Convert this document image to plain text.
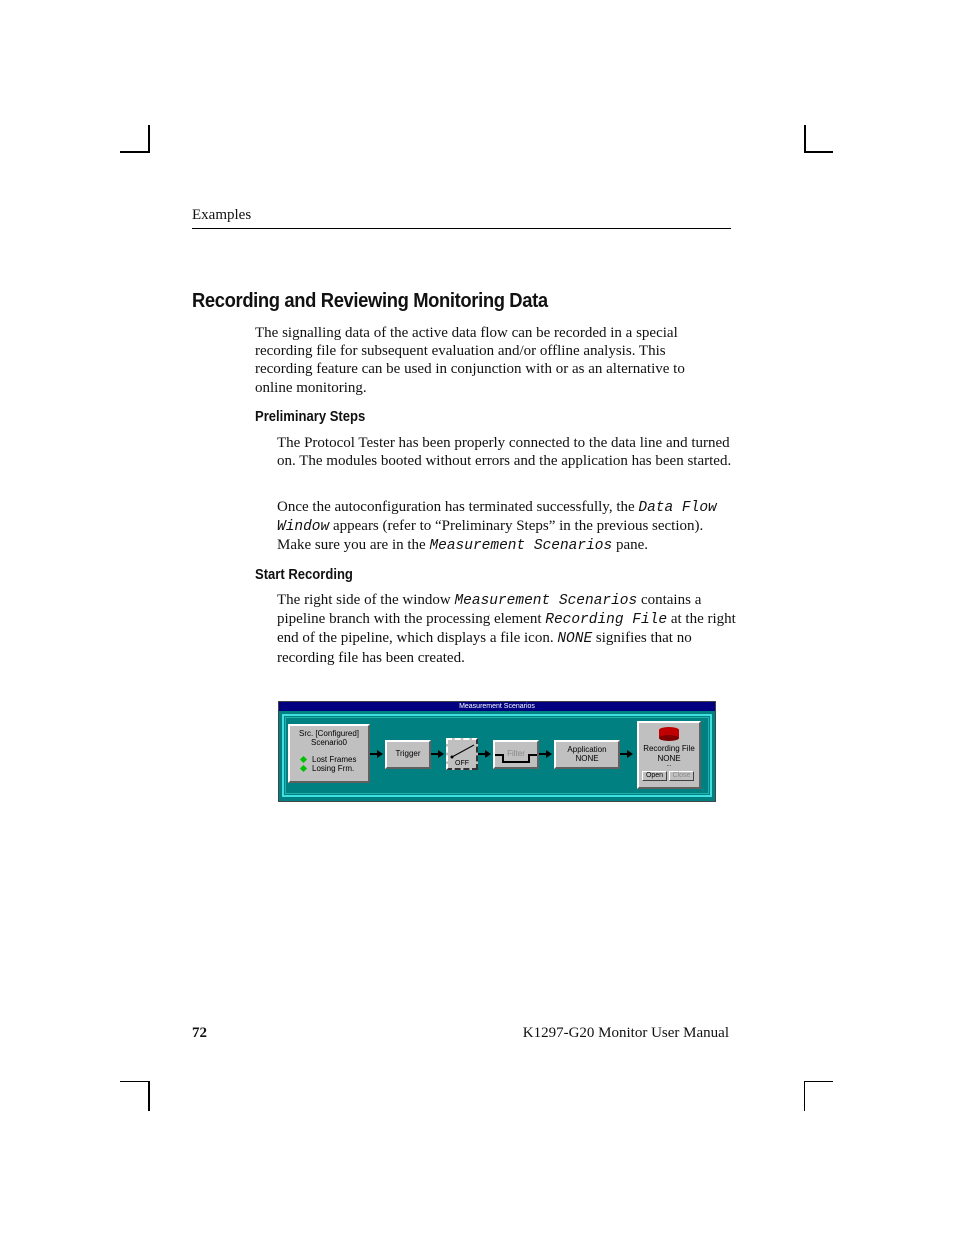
Examples
Recording and Reviewing Monitoring Data

The signalling data of the active data flow can be recorded in a special recording file for subsequent evaluation and/or offline analysis. This recording feature can be used in conjunction with or as an alternative to online monitoring.

Preliminary Steps

The Protocol Tester has been properly connected to the data line and turned on. The modules booted without errors and the application has been started.

Once the autoconfiguration has terminated successfully, the Data Flow Window appears (refer to “Preliminary Steps” in the previous section). Make sure you are in the Measurement Scenarios pane.

Start Recording

The right side of the window Measurement Scenarios contains a pipeline branch with the processing element Recording File at the right end of the pipeline, which displays a file icon. NONE signifies that no recording file has been created.

Measurement Scenarios
Src. [Configured]
Scenario0
Lost Frames
Losing Frm.
Trigger
OFF
Filter	Application
NONE
Recording File
NONE
...
Open	Close
72	K1297-G20 Monitor User Manual
